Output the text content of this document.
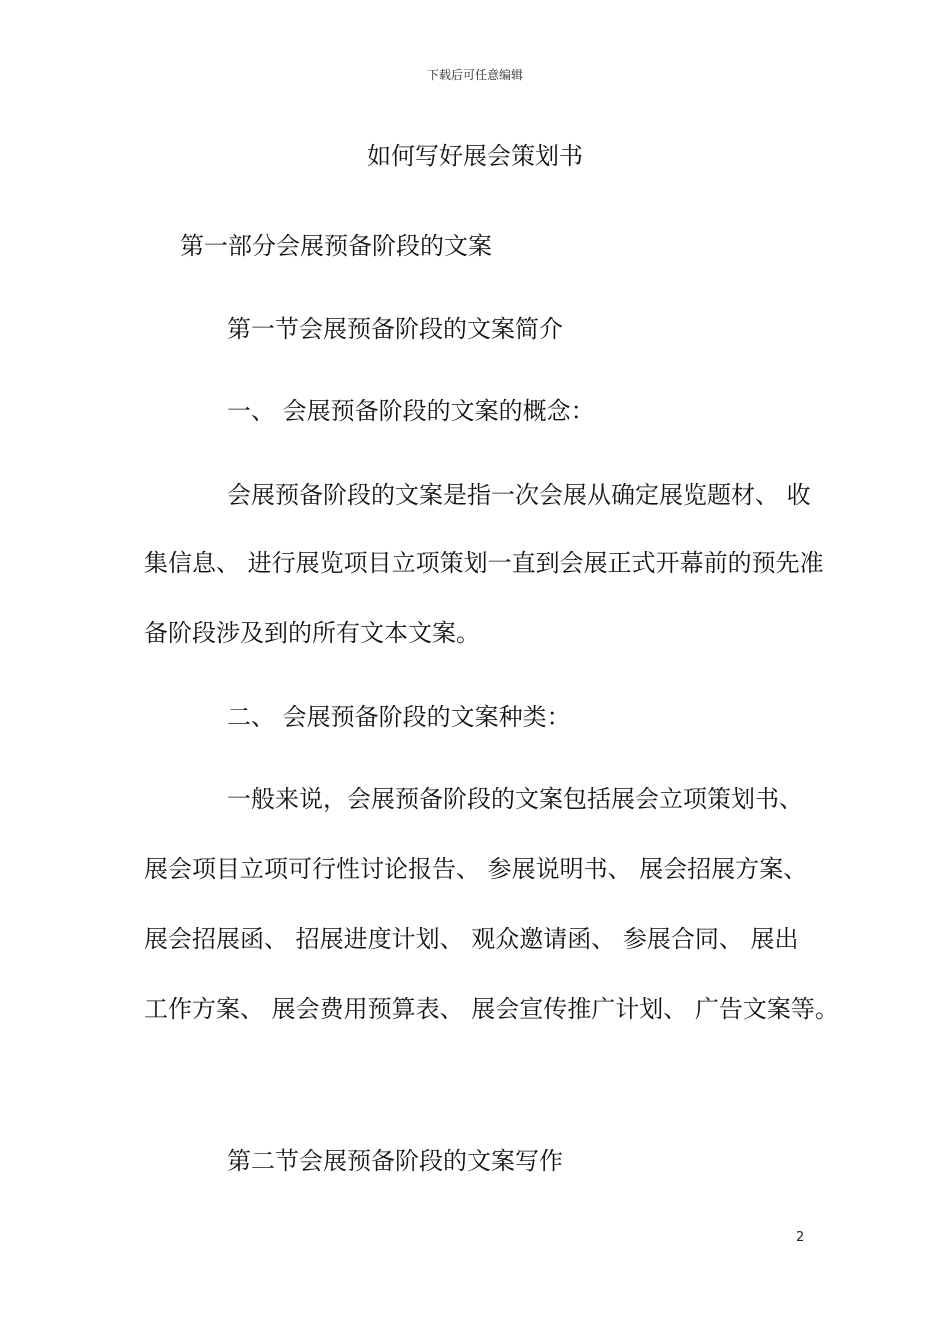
下载后可任意编辑
如何写好展会策划书
第一部分会展预备阶段的文案
第一节会展预备阶段的文案简介
一、 会展预备阶段的文案的概念：
会展预备阶段的文案是指一次会展从确定展览题材、 收
集信息、 进行展览项目立项策划一直到会展正式开幕前的预先准
备阶段涉及到的所有文本文案。
二、 会展预备阶段的文案种类：
一般来说，会展预备阶段的文案包括展会立项策划书、
展会项目立项可行性讨论报告、 参展说明书、 展会招展方案、
展会招展函、 招展进度计划、 观众邀请函、 参展合同、 展出
工作方案、 展会费用预算表、 展会宣传推广计划、 广告文案等。
第二节会展预备阶段的文案写作
2
